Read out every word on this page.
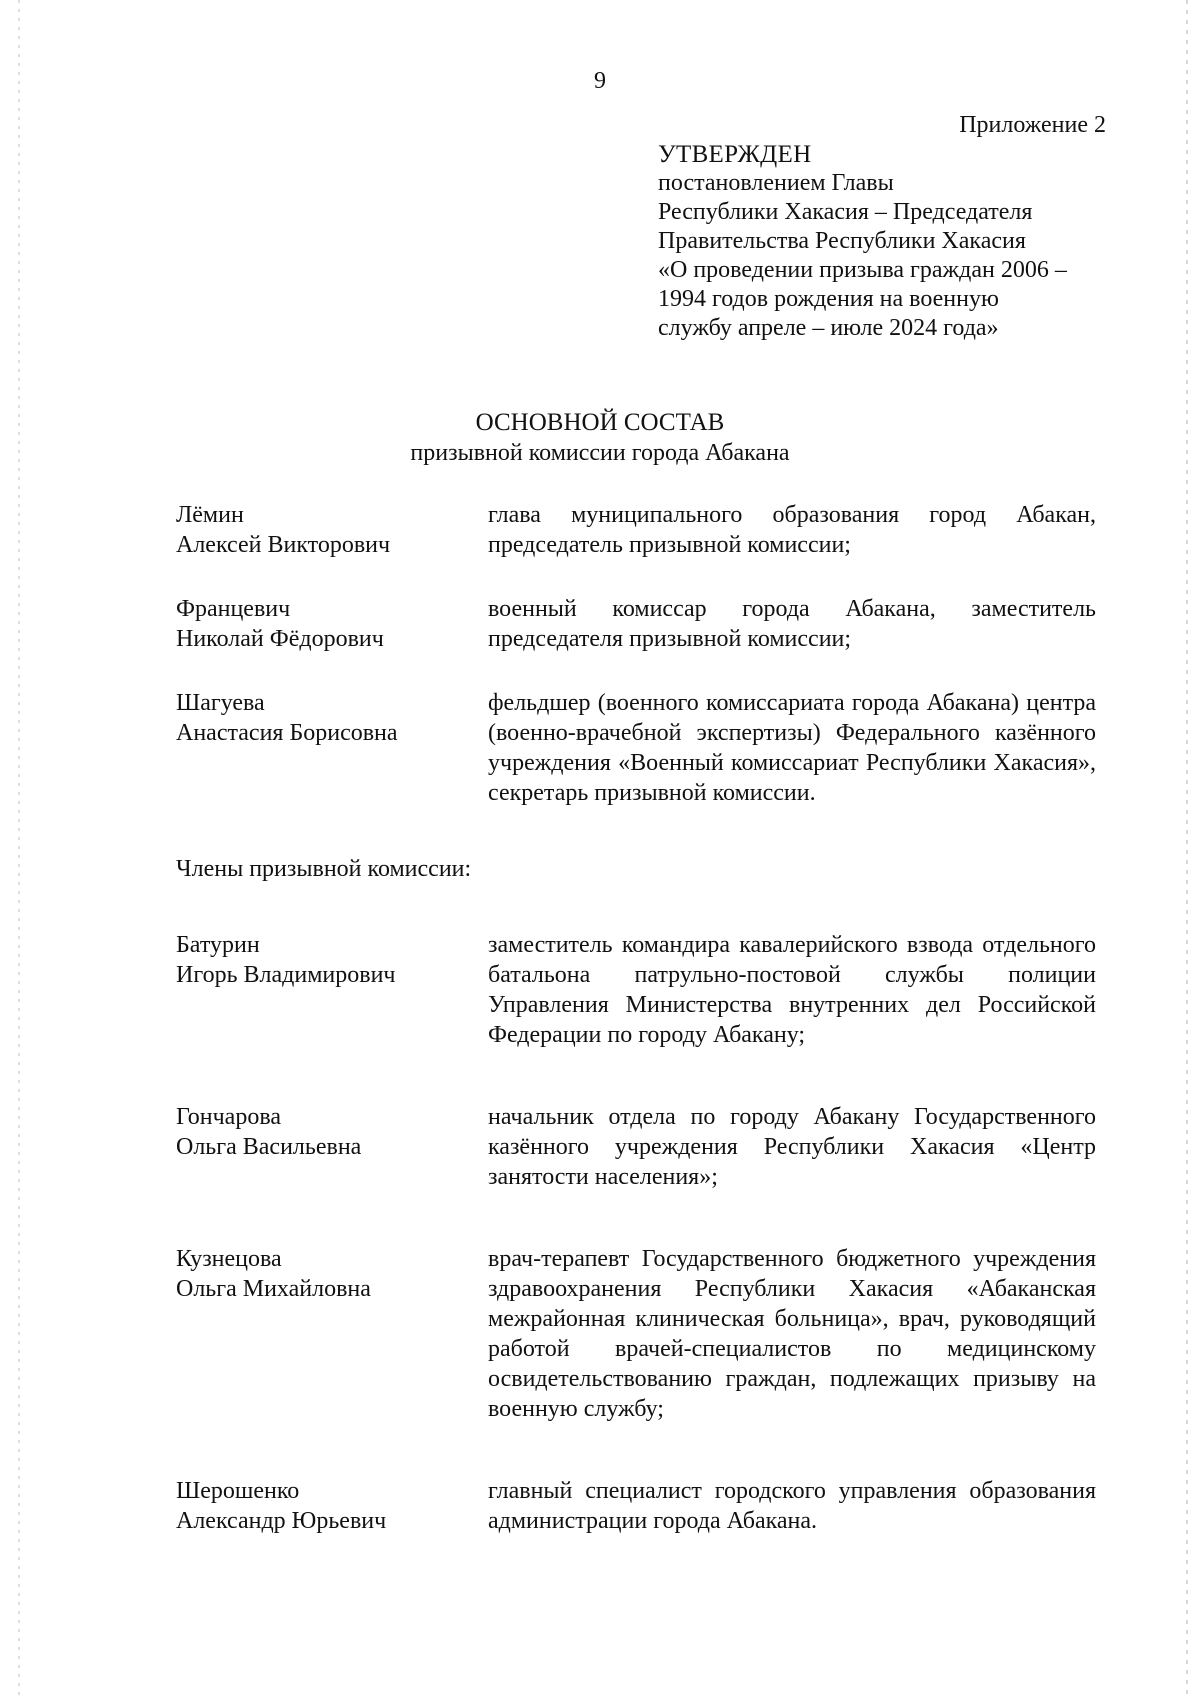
9
Приложение 2
УТВЕРЖДЕН
постановлением Главы
Республики Хакасия – Председателя
Правительства Республики Хакасия
«О проведении призыва граждан 2006 –
1994 годов рождения на военную
службу апреле – июле 2024 года»
ОСНОВНОЙ СОСТАВ
призывной комиссии города Абакана
Лёмин
Алексей Викторович
глава муниципального образования город Абакан, председатель призывной комиссии;
Францевич
Николай Фёдорович
военный комиссар города Абакана, заместитель председателя призывной комиссии;
Шагуева
Анастасия Борисовна
фельдшер (военного комиссариата города Абакана) центра (военно-врачебной экспертизы) Федерального казённого учреждения «Военный комиссариат Республики Хакасия», секретарь призывной комиссии.
Члены призывной комиссии:
Батурин
Игорь Владимирович
заместитель командира кавалерийского взвода отдельного батальона патрульно-постовой службы полиции Управления Министерства внутренних дел Российской Федерации по городу Абакану;
Гончарова
Ольга Васильевна
начальник отдела по городу Абакану Государственного казённого учреждения Республики Хакасия «Центр занятости населения»;
Кузнецова
Ольга Михайловна
врач-терапевт Государственного бюджетного учреждения здравоохранения Республики Хакасия «Абаканская межрайонная клиническая больница», врач, руководящий работой врачей-специалистов по медицинскому освидетельствованию граждан, подлежащих призыву на военную службу;
Шерошенко
Александр Юрьевич
главный специалист городского управления образования администрации города Абакана.
